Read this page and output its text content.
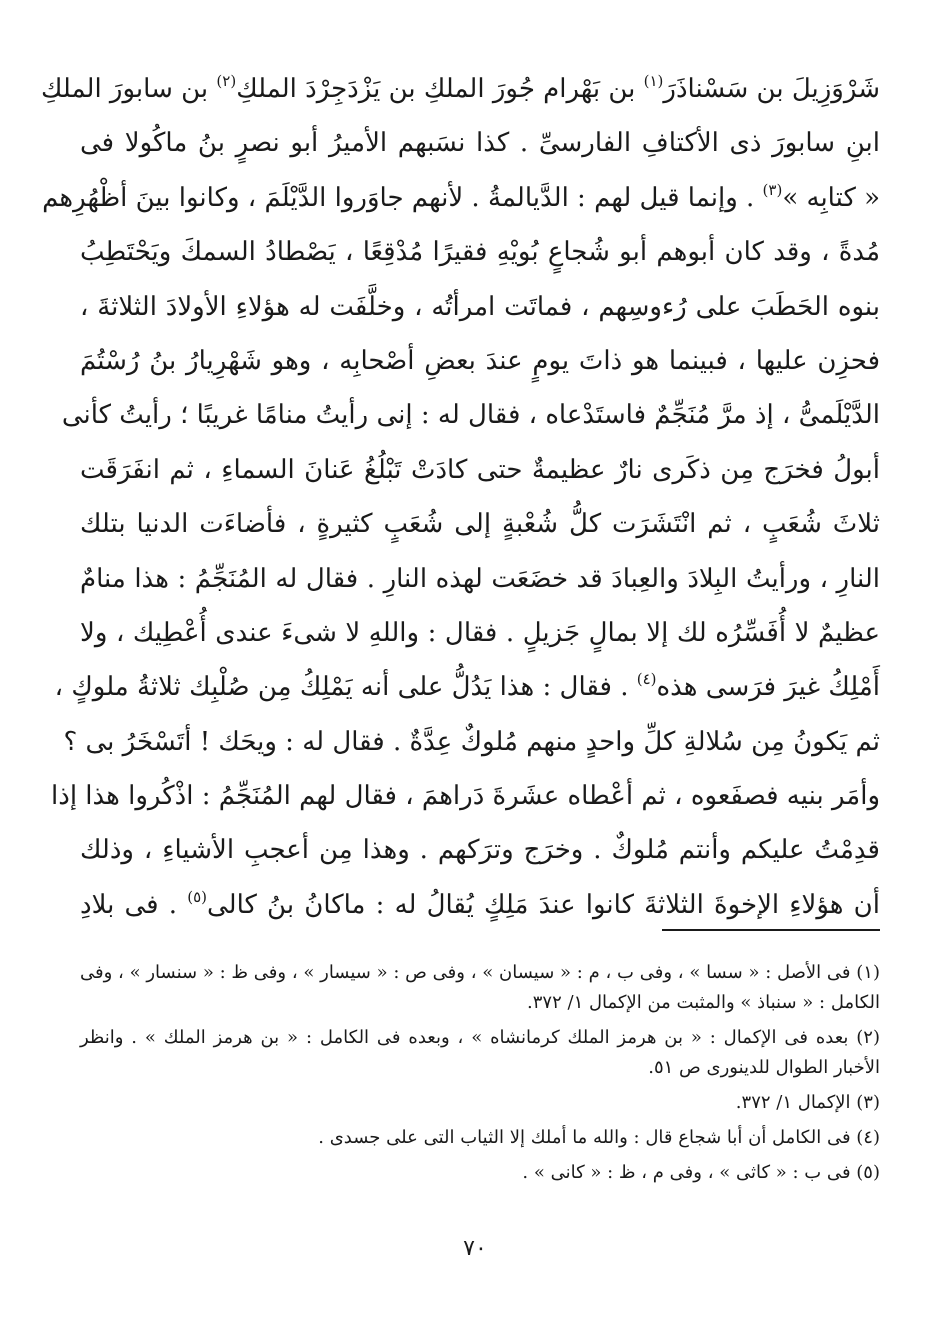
شَرْوَزِيلَ بن سَسْناذَرَ$^{(١)}$ بن بَهْرام جُورَ الملكِ بن يَزْدَجِرْدَ الملكِ$^{(٢)}$ بن سابورَ الملكِ
ابنِ سابورَ ذى الأكتافِ الفارسىِّ . كذا نسَبهم الأميرُ أبو نصرٍ بنُ ماكُولا فى
« كتابِه »$^{(٣)}$ . وإنما قيل لهم : الدَّيالمةُ . لأنهم جاوَروا الدَّيْلَمَ ، وكانوا بينَ أظْهُرِهم
مُدةً ، وقد كان أبوهم أبو شُجاعٍ بُويْهِ فقيرًا مُدْقِعًا ، يَصْطادُ السمكَ ويَحْتَطِبُ
بنوه الحَطَبَ على رُءوسِهم ، فماتَت امرأتُه ، وخلَّفَت له هؤلاءِ الأولادَ الثلاثةَ ،
فحزِن عليها ، فبينما هو ذاتَ يومٍ عندَ بعضِ أصْحابِه ، وهو شَهْرِيارُ بنُ رُسْتُمَ
الدَّيْلَمىُّ ، إذ مرَّ مُنَجِّمٌ فاستَدْعاه ، فقال له : إنى رأيتُ منامًا غريبًا ؛ رأيتُ كأنى
أبولُ فخرَج مِن ذكَرى نارٌ عظيمةٌ حتى كادَتْ تَبْلُغُ عَنانَ السماءِ ، ثم انفَرَقَت
ثلاثَ شُعَبٍ ، ثم انْتَشَرَت كلُّ شُعْبةٍ إلى شُعَبٍ كثيرةٍ ، فأضاءَت الدنيا بتلك
النارِ ، ورأيتُ البِلادَ والعِبادَ قد خضَعَت لهذه النارِ . فقال له المُنَجِّمُ : هذا منامٌ
عظيمٌ لا أُفَسِّرُه لك إلا بمالٍ جَزيلٍ . فقال : واللهِ لا شىءَ عندى أُعْطِيك ، ولا
أَمْلِكُ غيرَ فرَسى هذه$^{(٤)}$ . فقال : هذا يَدُلُّ على أنه يَمْلِكُ مِن صُلْبِك ثلاثةُ ملوكٍ ،
ثم يَكونُ مِن سُلالةِ كلِّ واحدٍ منهم مُلوكٌ عِدَّةٌ . فقال له : ويحَك ! أتَسْخَرُ بى ؟
وأمَر بنيه فصفَعوه ، ثم أعْطاه عشَرةَ دَراهمَ ، فقال لهم المُنَجِّمُ : اذْكُروا هذا إذا
قدِمْتُ عليكم وأنتم مُلوكٌ . وخرَج وترَكهم . وهذا مِن أعجبِ الأشياءِ ، وذلك
أن هؤلاءِ الإخوةَ الثلاثةَ كانوا عندَ مَلِكٍ يُقالُ له : ماكانُ بنُ كالى$^{(٥)}$ . فى بلادِ
(١) فى الأصل : « سسا » ، وفى ب ، م : « سيسان » ، وفى ص : « سيسار » ، وفى ظ : « سنسار » ، وفى
الكامل : « سنباذ » والمثبت من الإكمال ١/ ٣٧٢.
(٢) بعده فى الإكمال : « بن هرمز الملك كرمانشاه » ، وبعده فى الكامل : « بن هرمز الملك » . وانظر
الأخبار الطوال للدينورى ص ٥١.
(٣) الإكمال ١/ ٣٧٢.
(٤) فى الكامل أن أبا شجاع قال : والله ما أملك إلا الثياب التى على جسدى .
(٥) فى ب : « كاثى » ، وفى م ، ظ : « كانى » .
٧٠
